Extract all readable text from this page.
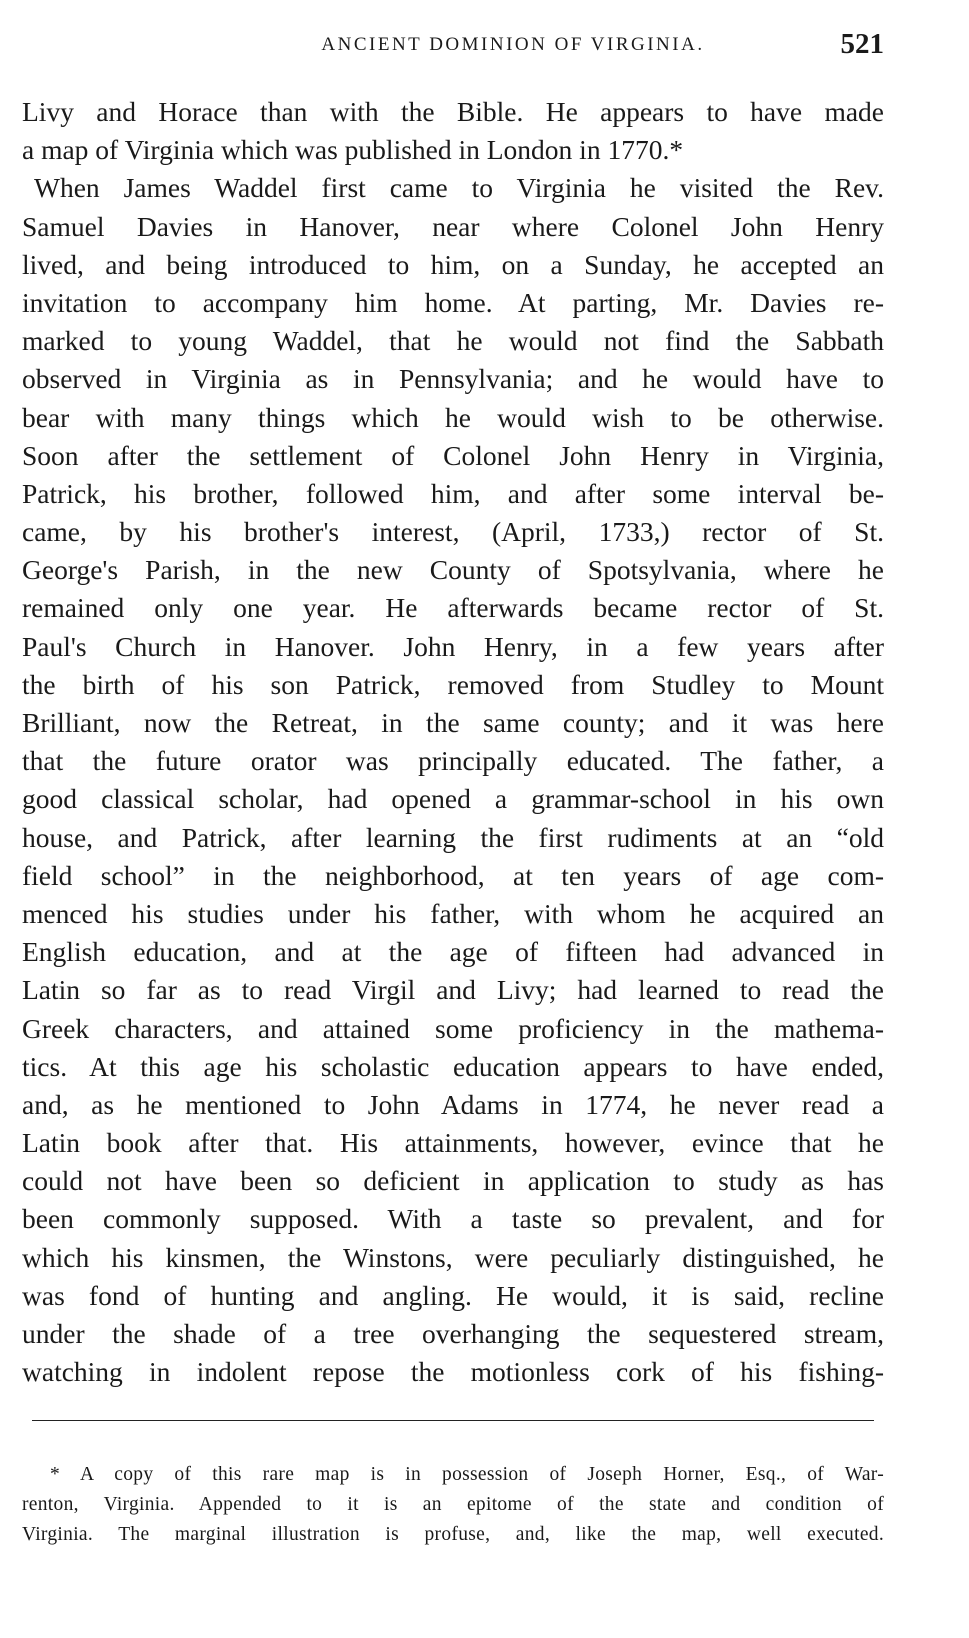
ANCIENT DOMINION OF VIRGINIA.	521
Livy and Horace than with the Bible. He appears to have made
a map of Virginia which was published in London in 1770.*
When James Waddel first came to Virginia he visited the Rev.
Samuel Davies in Hanover, near where Colonel John Henry
lived, and being introduced to him, on a Sunday, he accepted an
invitation to accompany him home. At parting, Mr. Davies re-
marked to young Waddel, that he would not find the Sabbath
observed in Virginia as in Pennsylvania; and he would have to
bear with many things which he would wish to be otherwise.
Soon after the settlement of Colonel John Henry in Virginia,
Patrick, his brother, followed him, and after some interval be-
came, by his brother's interest, (April, 1733,) rector of St.
George's Parish, in the new County of Spotsylvania, where he
remained only one year. He afterwards became rector of St.
Paul's Church in Hanover. John Henry, in a few years after
the birth of his son Patrick, removed from Studley to Mount
Brilliant, now the Retreat, in the same county; and it was here
that the future orator was principally educated. The father, a
good classical scholar, had opened a grammar-school in his own
house, and Patrick, after learning the first rudiments at an “old
field school” in the neighborhood, at ten years of age com-
menced his studies under his father, with whom he acquired an
English education, and at the age of fifteen had advanced in
Latin so far as to read Virgil and Livy; had learned to read the
Greek characters, and attained some proficiency in the mathema-
tics. At this age his scholastic education appears to have ended,
and, as he mentioned to John Adams in 1774, he never read a
Latin book after that. His attainments, however, evince that he
could not have been so deficient in application to study as has
been commonly supposed. With a taste so prevalent, and for
which his kinsmen, the Winstons, were peculiarly distinguished, he
was fond of hunting and angling. He would, it is said, recline
under the shade of a tree overhanging the sequestered stream,
watching in indolent repose the motionless cork of his fishing-
* A copy of this rare map is in possession of Joseph Horner, Esq., of War-
renton, Virginia. Appended to it is an epitome of the state and condition of
Virginia. The marginal illustration is profuse, and, like the map, well executed.
